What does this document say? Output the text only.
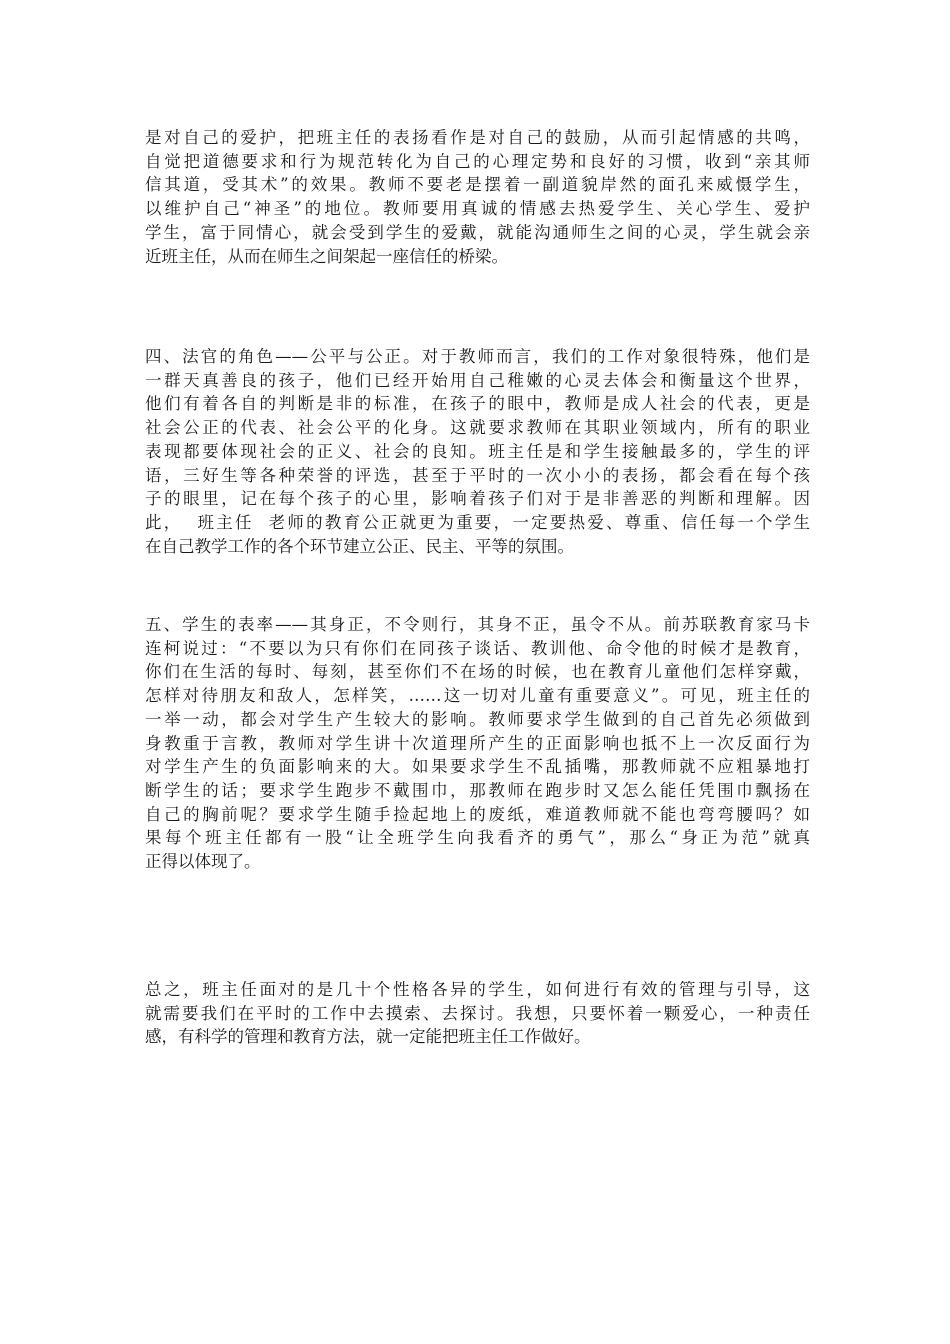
是对自己的爱护，把班主任的表扬看作是对自己的鼓励，从而引起情感的共鸣，
自觉把道德要求和行为规范转化为自己的心理定势和良好的习惯，收到“亲其师
信其道，受其术”的效果。教师不要老是摆着一副道貌岸然的面孔来威慑学生，
以维护自己“神圣”的地位。教师要用真诚的情感去热爱学生、关心学生、爱护
学生，富于同情心，就会受到学生的爱戴，就能沟通师生之间的心灵，学生就会亲
近班主任，从而在师生之间架起一座信任的桥梁。
四、法官的角色——公平与公正。对于教师而言，我们的工作对象很特殊，他们是
一群天真善良的孩子，他们已经开始用自己稚嫩的心灵去体会和衡量这个世界，
他们有着各自的判断是非的标准，在孩子的眼中，教师是成人社会的代表，更是
社会公正的代表、社会公平的化身。这就要求教师在其职业领域内，所有的职业
表现都要体现社会的正义、社会的良知。班主任是和学生接触最多的，学生的评
语，三好生等各种荣誉的评选，甚至于平时的一次小小的表扬，都会看在每个孩
子的眼里，记在每个孩子的心里，影响着孩子们对于是非善恶的判断和理解。因
此，  班主任  老师的教育公正就更为重要，一定要热爱、尊重、信任每一个学生
在自己教学工作的各个环节建立公正、民主、平等的氛围。
五、学生的表率——其身正，不令则行，其身不正，虽令不从。前苏联教育家马卡
连柯说过：“不要以为只有你们在同孩子谈话、教训他、命令他的时候才是教育，
你们在生活的每时、每刻，甚至你们不在场的时候，也在教育儿童他们怎样穿戴，
怎样对待朋友和敌人，怎样笑，……这一切对儿童有重要意义”。可见，班主任的
一举一动，都会对学生产生较大的影响。教师要求学生做到的自己首先必须做到
身教重于言教，教师对学生讲十次道理所产生的正面影响也抵不上一次反面行为
对学生产生的负面影响来的大。如果要求学生不乱插嘴，那教师就不应粗暴地打
断学生的话；要求学生跑步不戴围巾，那教师在跑步时又怎么能任凭围巾飘扬在
自己的胸前呢？要求学生随手捡起地上的废纸，难道教师就不能也弯弯腰吗？如
果每个班主任都有一股“让全班学生向我看齐的勇气”，那么“身正为范”就真
正得以体现了。
总之，班主任面对的是几十个性格各异的学生，如何进行有效的管理与引导，这
就需要我们在平时的工作中去摸索、去探讨。我想，只要怀着一颗爱心，一种责任
感，有科学的管理和教育方法，就一定能把班主任工作做好。
